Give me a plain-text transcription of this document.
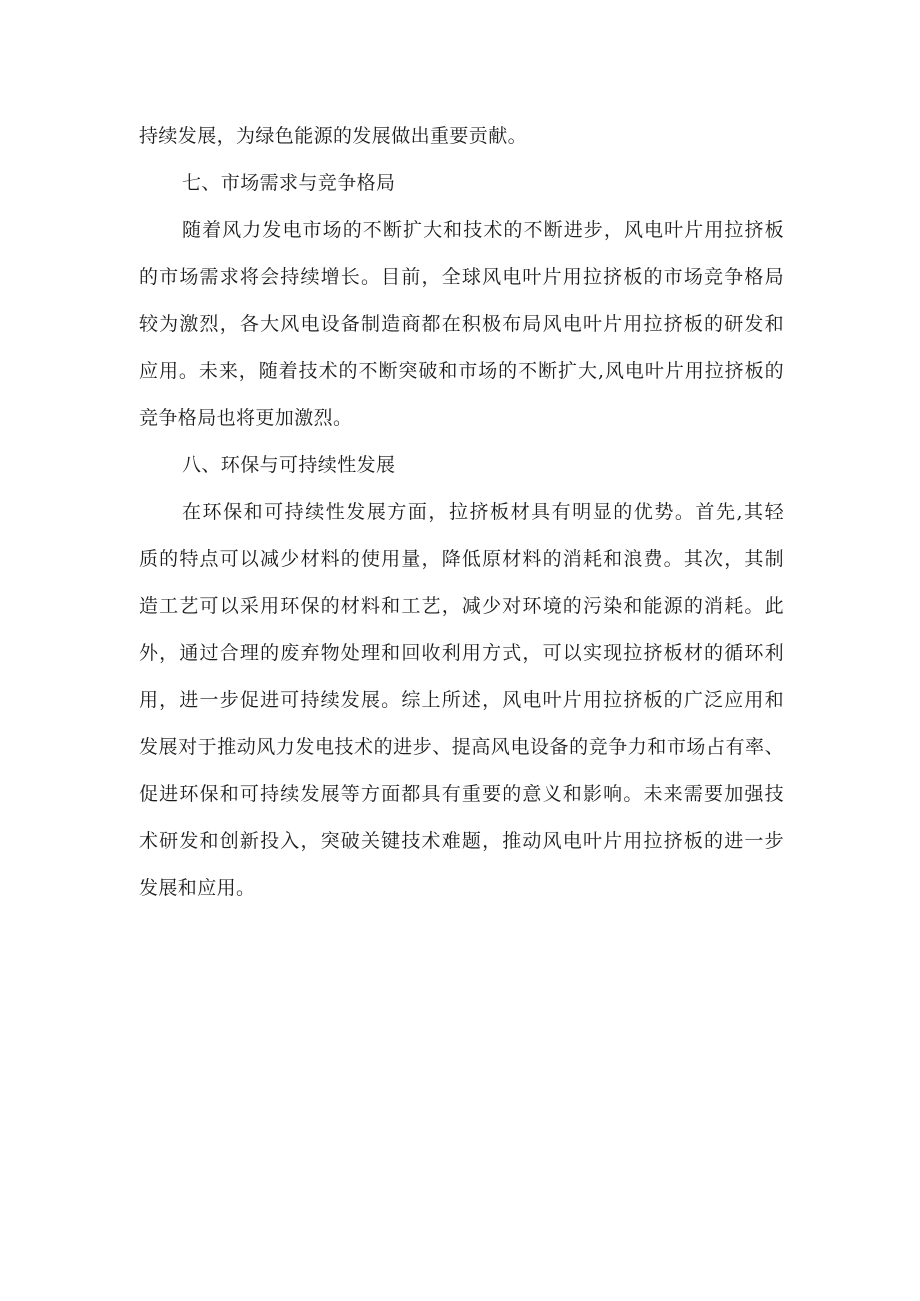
持续发展，为绿色能源的发展做出重要贡献。
七、市场需求与竞争格局
随着风力发电市场的不断扩大和技术的不断进步，风电叶片用拉挤板
的市场需求将会持续增长。目前，全球风电叶片用拉挤板的市场竞争格局
较为激烈，各大风电设备制造商都在积极布局风电叶片用拉挤板的研发和
应用。未来，随着技术的不断突破和市场的不断扩大,风电叶片用拉挤板的
竞争格局也将更加激烈。
八、环保与可持续性发展
在环保和可持续性发展方面，拉挤板材具有明显的优势。首先,其轻
质的特点可以减少材料的使用量，降低原材料的消耗和浪费。其次，其制
造工艺可以采用环保的材料和工艺，减少对环境的污染和能源的消耗。此
外，通过合理的废弃物处理和回收利用方式，可以实现拉挤板材的循环利
用，进一步促进可持续发展。综上所述，风电叶片用拉挤板的广泛应用和
发展对于推动风力发电技术的进步、提高风电设备的竞争力和市场占有率、
促进环保和可持续发展等方面都具有重要的意义和影响。未来需要加强技
术研发和创新投入，突破关键技术难题，推动风电叶片用拉挤板的进一步
发展和应用。
